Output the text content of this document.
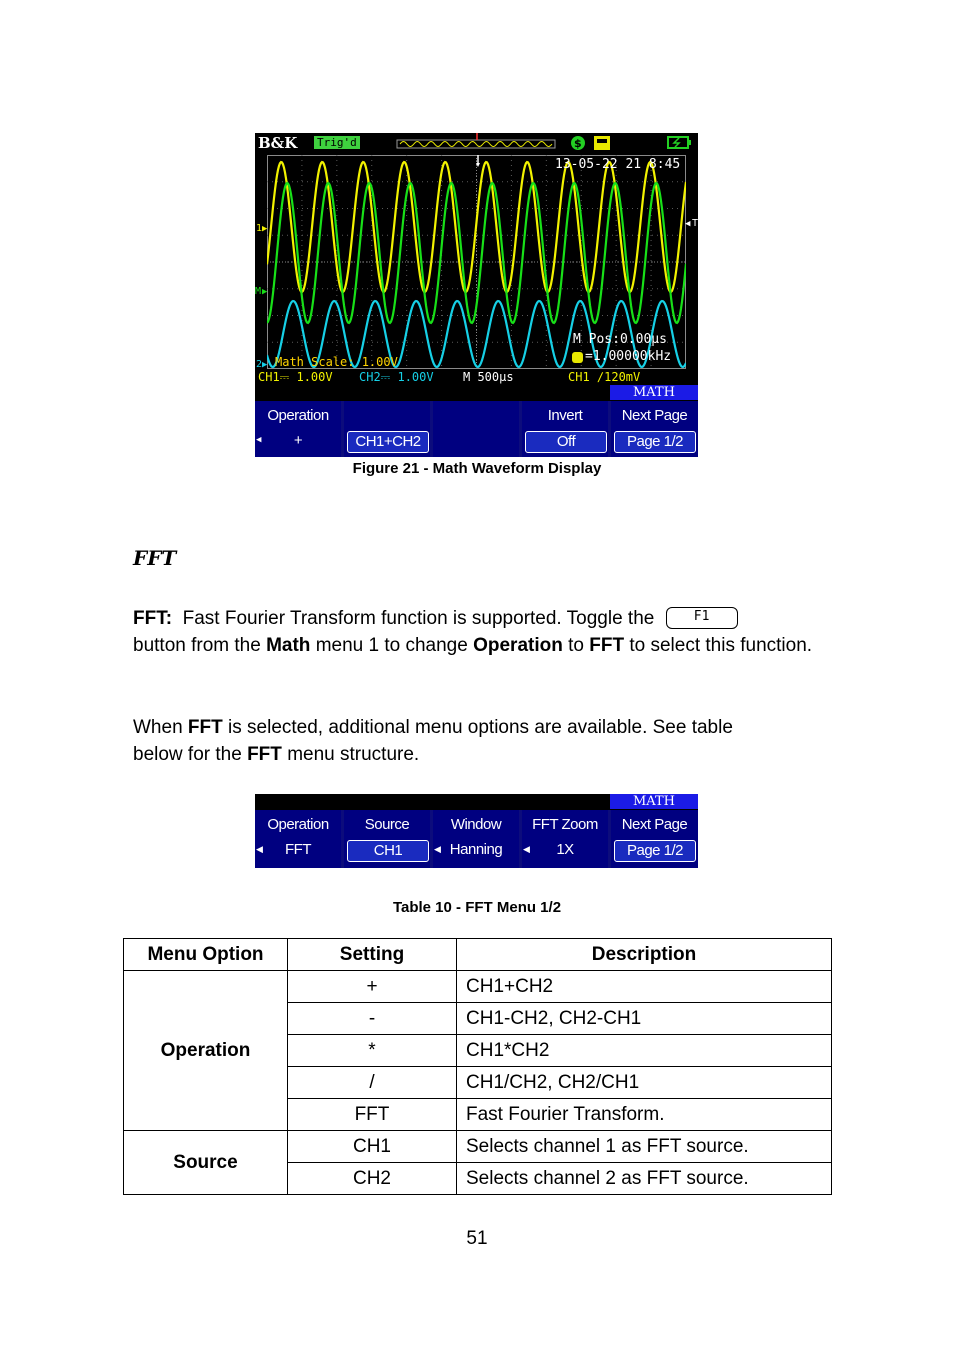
B&K Trig'd	$
1 ▶
M ▶
2 ▶
◀ T
13-05-22 21 8:45
Math Scale: 1.00V
M Pos:0.00µs
=1.00000kHz
CH1⎓ 1.00V CH2⎓ 1.00V M 500µs	CH1 ∕120mV
MATH
Operation
◀	+	CH1+CH2
Invert
Off
Next Page
Page 1/2
Figure 21 - Math Waveform Display
FFT
FFT: Fast Fourier Transform function is supported. Toggle the	F1
button from the Math menu 1 to change Operation to FFT to select this function.
When FFT is selected, additional menu options are available. See table below for the FFT menu structure.
MATH
Operation
◀	FFT
Source
CH1
Window
◀ Hanning
FFT Zoom
◀	1X
Next Page
Page 1/2
Table 10 - FFT Menu 1/2
Menu Option	Setting	Description
Operation	+	CH1+CH2
	-	CH1-CH2, CH2-CH1
	*	CH1*CH2
	/	CH1/CH2, CH2/CH1
	FFT	Fast Fourier Transform.
Source	CH1	Selects channel 1 as FFT source.
	CH2	Selects channel 2 as FFT source.
51
